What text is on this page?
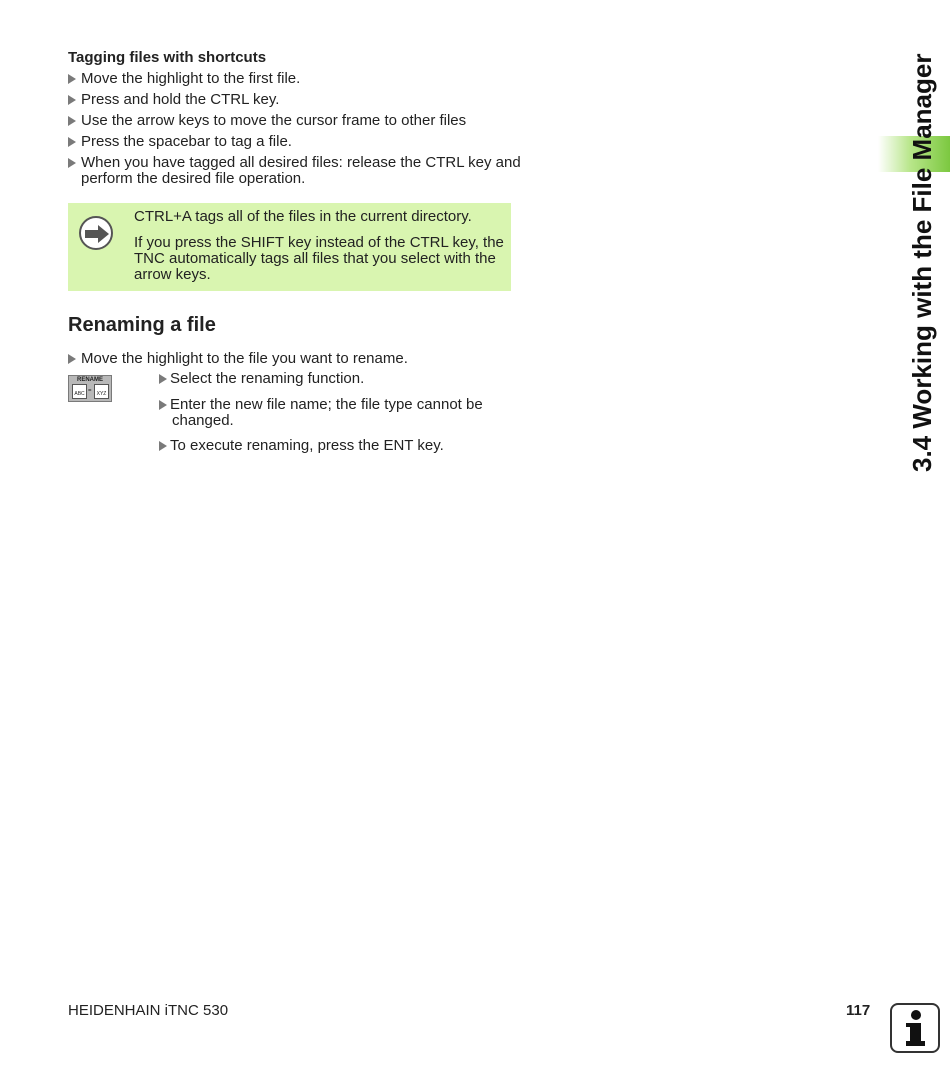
Tagging files with shortcuts
Move the highlight to the first file.
Press and hold the CTRL key.
Use the arrow keys to move the cursor frame to other files
Press the spacebar to tag a file.
When you have tagged all desired files: release the CTRL key and
perform the desired file operation.
CTRL+A tags all of the files in the current directory.
If you press the SHIFT key instead of the CTRL key, the
TNC automatically tags all files that you select with the
arrow keys.
Renaming a file
Move the highlight to the file you want to rename.
RENAME
ABC =	XYZ
Select the renaming function.
Enter the new file name; the file type cannot be
changed.
To execute renaming, press the ENT key.	3.4 Working with the File Manager
HEIDENHAIN iTNC 530	117
